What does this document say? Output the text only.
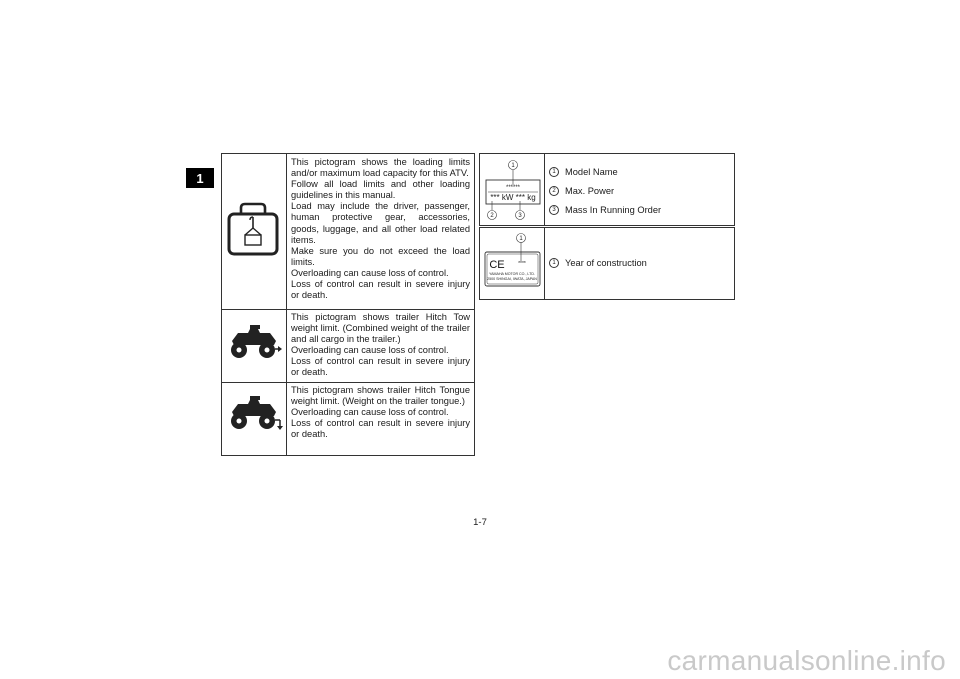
1

This pictogram shows the loading limits and/or maximum load capacity for this ATV.

Follow all load limits and other loading guidelines in this manual.

Load may include the driver, passenger, human protective gear, accessories, goods, luggage, and all other load related items.

Make sure you do not exceed the load limits.

Overloading can cause loss of control.

Loss of control can result in severe injury or death.

This pictogram shows trailer Hitch Tow weight limit. (Combined weight of the trailer and all cargo in the trailer.)

Overloading can cause loss of control.

Loss of control can result in severe injury or death.

This pictogram shows trailer Hitch Tongue weight limit. (Weight on the trailer tongue.)

Overloading can cause loss of control.

Loss of control can result in severe injury or death.

******
*** kW *** kg
1
2	3
1	Model Name
2	Max. Power
3	Mass In Running Order
CE	****
1
YAMAHA MOTOR CO., LTD.
2500 SHINGAI, IWATA, JAPAN
1	Year of construction
1-7
carmanualsonline.info
